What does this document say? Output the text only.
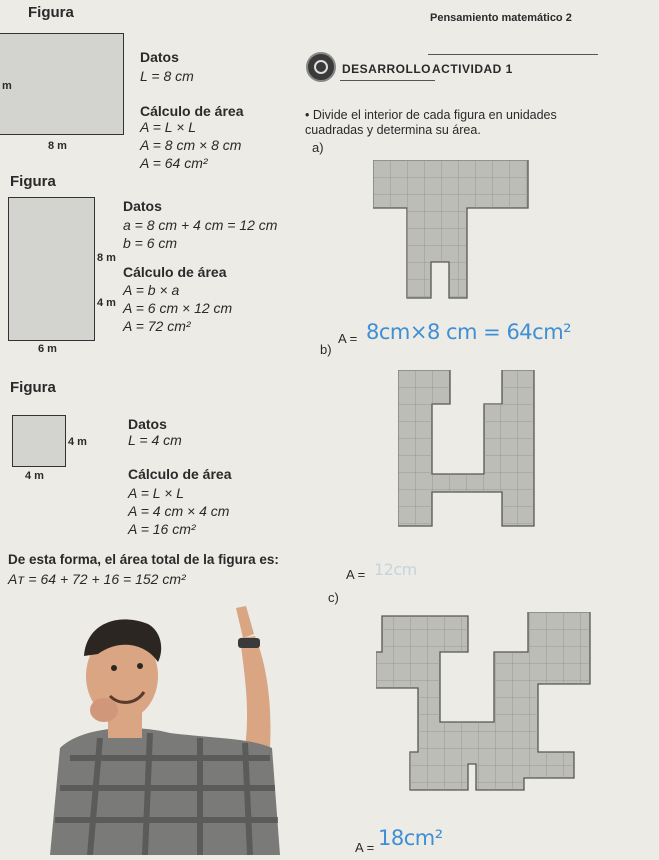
Figura	Pensamiento matemático 2
m
8 m
Datos
L = 8 cm
Cálculo de área
A = L × L
A = 8 cm × 8 cm
A = 64 cm²
DESARROLLO ACTIVIDAD 1
• Divide el interior de cada figura en unidades cuadradas y determina su área.
a)
Figura
8 m
4 m
6 m
Datos
a = 8 cm + 4 cm = 12 cm
b = 6 cm
Cálculo de área
A = b × a
A = 6 cm × 12 cm
A = 72 cm²
Figura
4 m
4 m
Datos
L = 4 cm
Cálculo de área
A = L × L
A = 4 cm × 4 cm
A = 16 cm²
De esta forma, el área total de la figura es:
Aᴛ = 64 + 72 + 16 = 152 cm²
A = 8cm×8 cm = 64cm²
b)
A = 12cm
c)
A = 18cm²
